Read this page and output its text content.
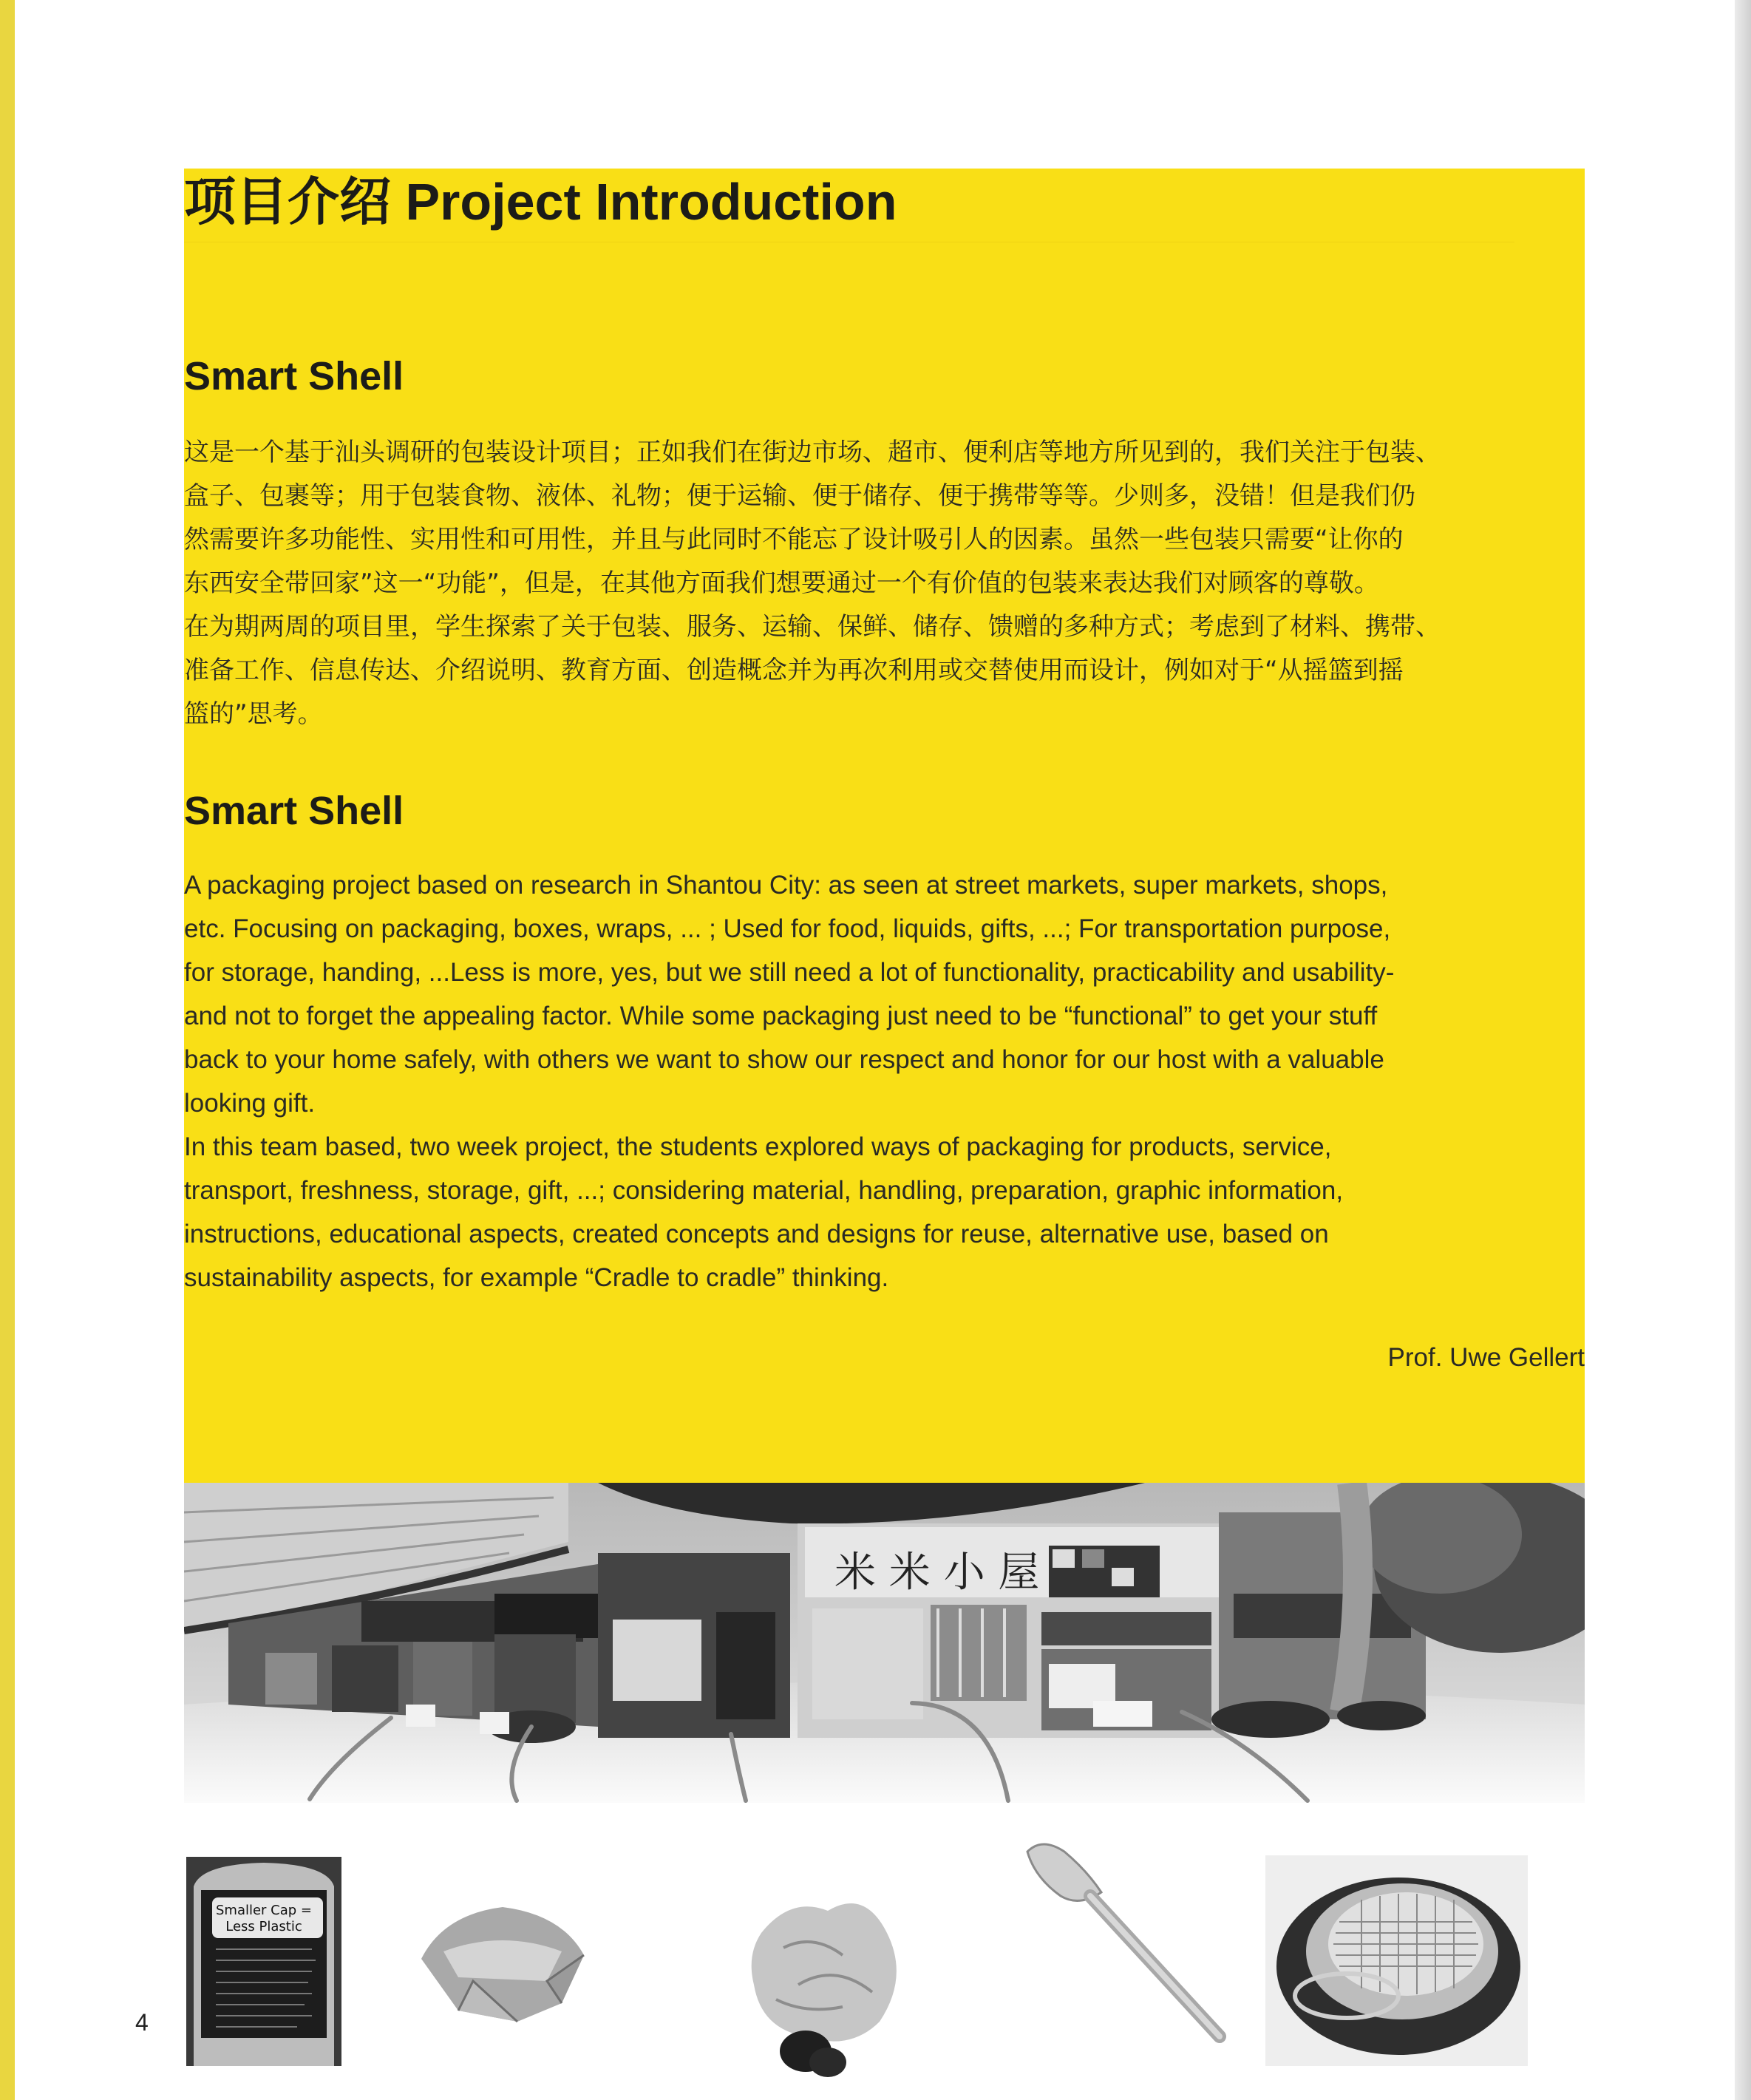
项目介绍 Project Introduction
Smart Shell
这是一个基于汕头调研的包装设计项目；正如我们在街边市场、超市、便利店等地方所见到的，我们关注于包装、
盒子、包裹等；用于包装食物、液体、礼物；便于运输、便于储存、便于携带等等。少则多，没错！但是我们仍
然需要许多功能性、实用性和可用性，并且与此同时不能忘了设计吸引人的因素。虽然一些包装只需要“让你的
东西安全带回家”这一“功能”，但是，在其他方面我们想要通过一个有价值的包装来表达我们对顾客的尊敬。
在为期两周的项目里，学生探索了关于包装、服务、运输、保鲜、储存、馈赠的多种方式；考虑到了材料、携带、
准备工作、信息传达、介绍说明、教育方面、创造概念并为再次利用或交替使用而设计，例如对于“从摇篮到摇
篮的”思考。
Smart Shell
A packaging project based on research in Shantou City: as seen at street markets, super markets, shops,
etc. Focusing on packaging, boxes, wraps, ... ; Used for food, liquids, gifts, ...; For transportation purpose,
for storage, handing, ...Less is more, yes, but we still need a lot of functionality, practicability and usability-
and not to forget the appealing factor. While some packaging just need to be “functional” to get your stuff
back to your home safely, with others we want to show our respect and honor for our host with a valuable
looking gift.
In this team based, two week project, the students explored ways of packaging for products, service,
transport, freshness, storage, gift, ...; considering material, handling, preparation, graphic information,
instructions, educational aspects, created concepts and designs for reuse, alternative use, based on
sustainability aspects, for example “Cradle to cradle” thinking.

Prof. Uwe Gellert

米 米 小 屋
Smaller Cap =
Less Plastic

4
